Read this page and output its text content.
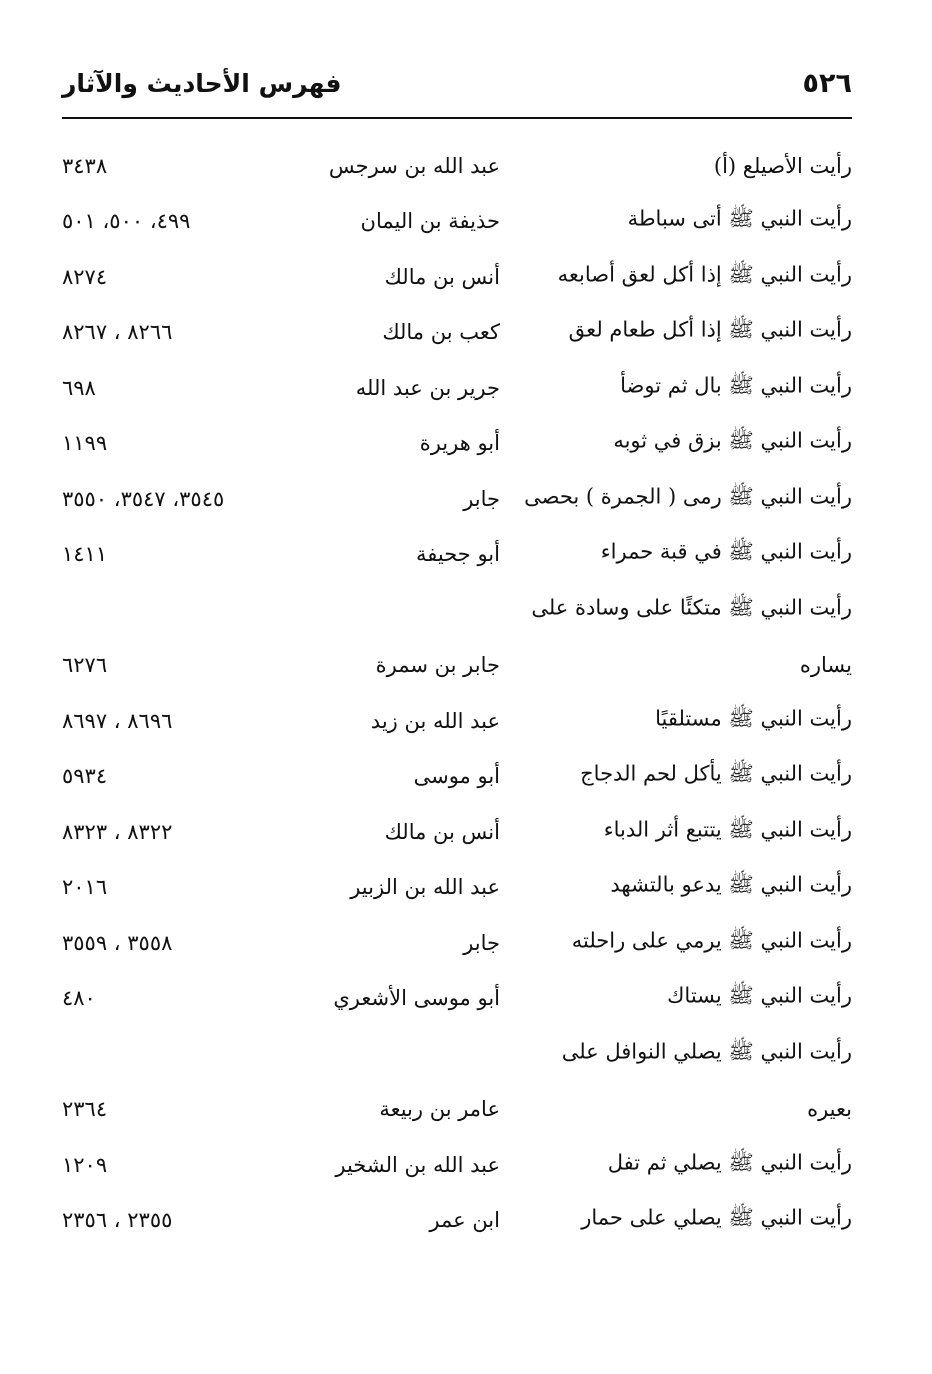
٥٢٦
فهرس الأحاديث والآثار
رأيت الأصيلع (أ)
عبد الله بن سرجس
٣٤٣٨
رأيت النبي ﷺ أتى سباطة
حذيفة بن اليمان
٤٩٩، ٥٠٠، ٥٠١
رأيت النبي ﷺ إذا أكل لعق أصابعه
أنس بن مالك
٨٢٧٤
رأيت النبي ﷺ إذا أكل طعام لعق
كعب بن مالك
٨٢٦٦ ، ٨٢٦٧
رأيت النبي ﷺ بال ثم توضأ
جرير بن عبد الله
٦٩٨
رأيت النبي ﷺ بزق في ثوبه
أبو هريرة
١١٩٩
رأيت النبي ﷺ رمى ( الجمرة ) بحصى
جابر
٣٥٤٥، ٣٥٤٧، ٣٥٥٠
رأيت النبي ﷺ في قبة حمراء
أبو جحيفة
١٤١١
رأيت النبي ﷺ متكئًا على وسادة على
يساره
جابر بن سمرة
٦٢٧٦
رأيت النبي ﷺ مستلقيًا
عبد الله بن زيد
٨٦٩٦ ، ٨٦٩٧
رأيت النبي ﷺ يأكل لحم الدجاج
أبو موسى
٥٩٣٤
رأيت النبي ﷺ يتتبع أثر الدباء
أنس بن مالك
٨٣٢٢ ، ٨٣٢٣
رأيت النبي ﷺ يدعو بالتشهد
عبد الله بن الزبير
٢٠١٦
رأيت النبي ﷺ يرمي على راحلته
جابر
٣٥٥٨ ، ٣٥٥٩
رأيت النبي ﷺ يستاك
أبو موسى الأشعري
٤٨٠
رأيت النبي ﷺ يصلي النوافل على
بعيره
عامر بن ربيعة
٢٣٦٤
رأيت النبي ﷺ يصلي ثم تفل
عبد الله بن الشخير
١٢٠٩
رأيت النبي ﷺ يصلي على حمار
ابن عمر
٢٣٥٥ ، ٢٣٥٦
